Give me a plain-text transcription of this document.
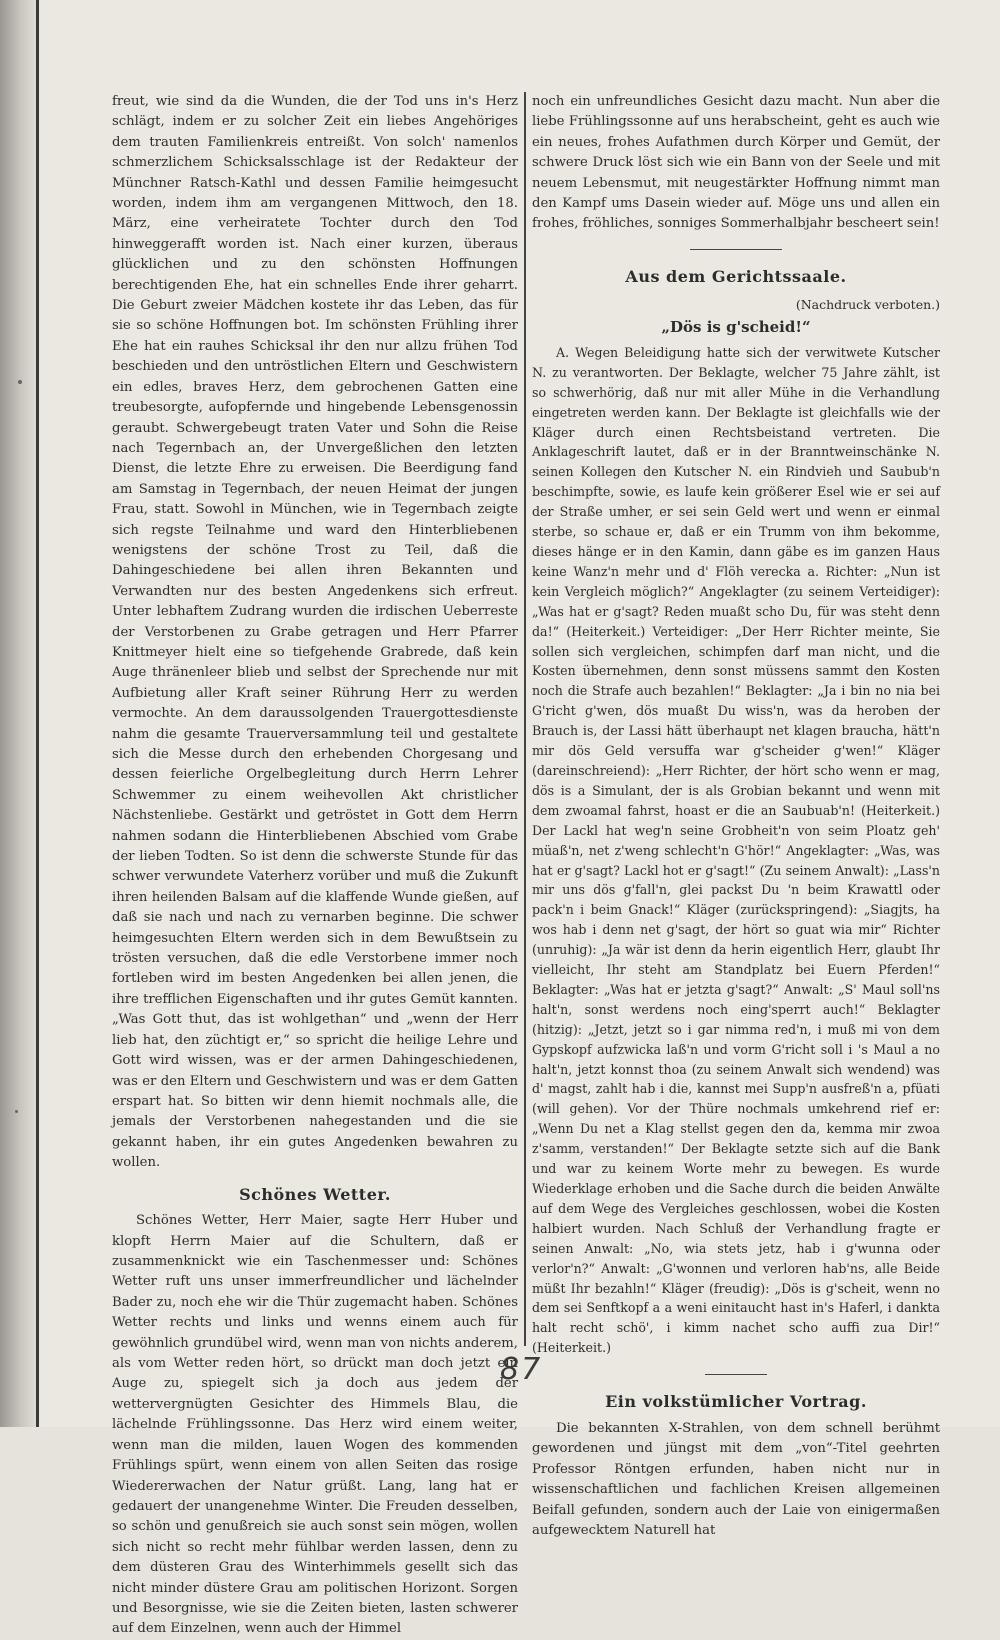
freut, wie sind da die Wunden, die der Tod uns in's Herz schlägt, indem er zu solcher Zeit ein liebes Angehöriges dem trauten Familienkreis entreißt. Von solch' namenlos schmerzlichem Schicksalsschlage ist der Redakteur der Münchner Ratsch-Kathl und dessen Familie heimgesucht worden, indem ihm am vergangenen Mittwoch, den 18. März, eine verheiratete Tochter durch den Tod hinweggerafft worden ist. Nach einer kurzen, überaus glücklichen und zu den schönsten Hoffnungen berechtigenden Ehe, hat ein schnelles Ende ihrer geharrt. Die Geburt zweier Mädchen kostete ihr das Leben, das für sie so schöne Hoffnungen bot. Im schönsten Frühling ihrer Ehe hat ein rauhes Schicksal ihr den nur allzu frühen Tod beschieden und den untröstlichen Eltern und Geschwistern ein edles, braves Herz, dem gebrochenen Gatten eine treubesorgte, aufopfernde und hingebende Lebensgenossin geraubt. Schwergebeugt traten Vater und Sohn die Reise nach Tegernbach an, der Unvergeßlichen den letzten Dienst, die letzte Ehre zu erweisen. Die Beerdigung fand am Samstag in Tegernbach, der neuen Heimat der jungen Frau, statt. Sowohl in München, wie in Tegernbach zeigte sich regste Teilnahme und ward den Hinterbliebenen wenigstens der schöne Trost zu Teil, daß die Dahingeschiedene bei allen ihren Bekannten und Verwandten nur des besten Angedenkens sich erfreut. Unter lebhaftem Zudrang wurden die irdischen Ueberreste der Verstorbenen zu Grabe getragen und Herr Pfarrer Knittmeyer hielt eine so tiefgehende Grabrede, daß kein Auge thränenleer blieb und selbst der Sprechende nur mit Aufbietung aller Kraft seiner Rührung Herr zu werden vermochte. An dem daraussolgenden Trauergottesdienste nahm die gesamte Trauerversammlung teil und gestaltete sich die Messe durch den erhebenden Chorgesang und dessen feierliche Orgelbegleitung durch Herrn Lehrer Schwemmer zu einem weihevollen Akt christlicher Nächstenliebe. Gestärkt und getröstet in Gott dem Herrn nahmen sodann die Hinterbliebenen Abschied vom Grabe der lieben Todten. So ist denn die schwerste Stunde für das schwer verwundete Vaterherz vorüber und muß die Zukunft ihren heilenden Balsam auf die klaffende Wunde gießen, auf daß sie nach und nach zu vernarben beginne. Die schwer heimgesuchten Eltern werden sich in dem Bewußtsein zu trösten versuchen, daß die edle Verstorbene immer noch fortleben wird im besten Angedenken bei allen jenen, die ihre trefflichen Eigenschaften und ihr gutes Gemüt kannten. „Was Gott thut, das ist wohlgethan“ und „wenn der Herr lieb hat, den züchtigt er,“ so spricht die heilige Lehre und Gott wird wissen, was er der armen Dahingeschiedenen, was er den Eltern und Geschwistern und was er dem Gatten erspart hat. So bitten wir denn hiemit nochmals alle, die jemals der Verstorbenen nahegestanden und die sie gekannt haben, ihr ein gutes Angedenken bewahren zu wollen.

Schönes Wetter.

Schönes Wetter, Herr Maier, sagte Herr Huber und klopft Herrn Maier auf die Schultern, daß er zusammenknickt wie ein Taschenmesser und: Schönes Wetter ruft uns unser immerfreundlicher und lächelnder Bader zu, noch ehe wir die Thür zugemacht haben. Schönes Wetter rechts und links und wenns einem auch für gewöhnlich grundübel wird, wenn man von nichts anderem, als vom Wetter reden hört, so drückt man doch jetzt ein Auge zu, spiegelt sich ja doch aus jedem der wettervergnügten Gesichter des Himmels Blau, die lächelnde Frühlingssonne. Das Herz wird einem weiter, wenn man die milden, lauen Wogen des kommenden Frühlings spürt, wenn einem von allen Seiten das rosige Wiedererwachen der Natur grüßt. Lang, lang hat er gedauert der unangenehme Winter. Die Freuden desselben, so schön und genußreich sie auch sonst sein mögen, wollen sich nicht so recht mehr fühlbar werden lassen, denn zu dem düsteren Grau des Winterhimmels gesellt sich das nicht minder düstere Grau am politischen Horizont. Sorgen und Besorgnisse, wie sie die Zeiten bieten, lasten schwerer auf dem Einzelnen, wenn auch der Himmel

noch ein unfreundliches Gesicht dazu macht. Nun aber die liebe Frühlingssonne auf uns herabscheint, geht es auch wie ein neues, frohes Aufathmen durch Körper und Gemüt, der schwere Druck löst sich wie ein Bann von der Seele und mit neuem Lebensmut, mit neugestärkter Hoffnung nimmt man den Kampf ums Dasein wieder auf. Möge uns und allen ein frohes, fröhliches, sonniges Sommerhalbjahr bescheert sein!

Aus dem Gerichtssaale.
(Nachdruck verboten.)
„Dös is g'scheid!“

A. Wegen Beleidigung hatte sich der verwitwete Kutscher N. zu verantworten. Der Beklagte, welcher 75 Jahre zählt, ist so schwerhörig, daß nur mit aller Mühe in die Verhandlung eingetreten werden kann. Der Beklagte ist gleichfalls wie der Kläger durch einen Rechtsbeistand vertreten. Die Anklageschrift lautet, daß er in der Branntweinschänke N. seinen Kollegen den Kutscher N. ein Rindvieh und Saubub'n beschimpfte, sowie, es laufe kein größerer Esel wie er sei auf der Straße umher, er sei sein Geld wert und wenn er einmal sterbe, so schaue er, daß er ein Trumm von ihm bekomme, dieses hänge er in den Kamin, dann gäbe es im ganzen Haus keine Wanz'n mehr und d' Flöh verecka a. Richter: „Nun ist kein Vergleich möglich?“ Angeklagter (zu seinem Verteidiger): „Was hat er g'sagt? Reden muaßt scho Du, für was steht denn da!“ (Heiterkeit.) Verteidiger: „Der Herr Richter meinte, Sie sollen sich vergleichen, schimpfen darf man nicht, und die Kosten übernehmen, denn sonst müssens sammt den Kosten noch die Strafe auch bezahlen!“ Beklagter: „Ja i bin no nia bei G'richt g'wen, dös muaßt Du wiss'n, was da heroben der Brauch is, der Lassi hätt überhaupt net klagen braucha, hätt'n mir dös Geld versuffa war g'scheider g'wen!“ Kläger (dareinschreiend): „Herr Richter, der hört scho wenn er mag, dös is a Simulant, der is als Grobian bekannt und wenn mit dem zwoamal fahrst, hoast er die an Saubuab'n! (Heiterkeit.) Der Lackl hat weg'n seine Grobheit'n von seim Ploatz geh' müaß'n, net z'weng schlecht'n G'hör!“ Angeklagter: „Was, was hat er g'sagt? Lackl hot er g'sagt!“ (Zu seinem Anwalt): „Lass'n mir uns dös g'fall'n, glei packst Du 'n beim Krawattl oder pack'n i beim Gnack!“ Kläger (zurückspringend): „Siagjts, ha wos hab i denn net g'sagt, der hört so guat wia mir“ Richter (unruhig): „Ja wär ist denn da herin eigentlich Herr, glaubt Ihr vielleicht, Ihr steht am Standplatz bei Euern Pferden!“ Beklagter: „Was hat er jetzta g'sagt?“ Anwalt: „S' Maul soll'ns halt'n, sonst werdens noch eing'sperrt auch!“ Beklagter (hitzig): „Jetzt, jetzt so i gar nimma red'n, i muß mi von dem Gypskopf aufzwicka laß'n und vorm G'richt soll i 's Maul a no halt'n, jetzt konnst thoa (zu seinem Anwalt sich wendend) was d' magst, zahlt hab i die, kannst mei Supp'n ausfreß'n a, pfüati (will gehen). Vor der Thüre nochmals umkehrend rief er: „Wenn Du net a Klag stellst gegen den da, kemma mir zwoa z'samm, verstanden!“ Der Beklagte setzte sich auf die Bank und war zu keinem Worte mehr zu bewegen. Es wurde Wiederklage erhoben und die Sache durch die beiden Anwälte auf dem Wege des Vergleiches geschlossen, wobei die Kosten halbiert wurden. Nach Schluß der Verhandlung fragte er seinen Anwalt: „No, wia stets jetz, hab i g'wunna oder verlor'n?“ Anwalt: „G'wonnen und verloren hab'ns, alle Beide müßt Ihr bezahln!“ Kläger (freudig): „Dös is g'scheit, wenn no dem sei Senftkopf a a weni einitaucht hast in's Haferl, i dankta halt recht schö', i kimm nachet scho auffi zua Dir!“ (Heiterkeit.)

Ein volkstümlicher Vortrag.

Die bekannten X-Strahlen, von dem schnell berühmt gewordenen und jüngst mit dem „von“-Titel geehrten Professor Röntgen erfunden, haben nicht nur in wissenschaftlichen und fachlichen Kreisen allgemeinen Beifall gefunden, sondern auch der Laie von einigermaßen aufgewecktem Naturell hat

87
